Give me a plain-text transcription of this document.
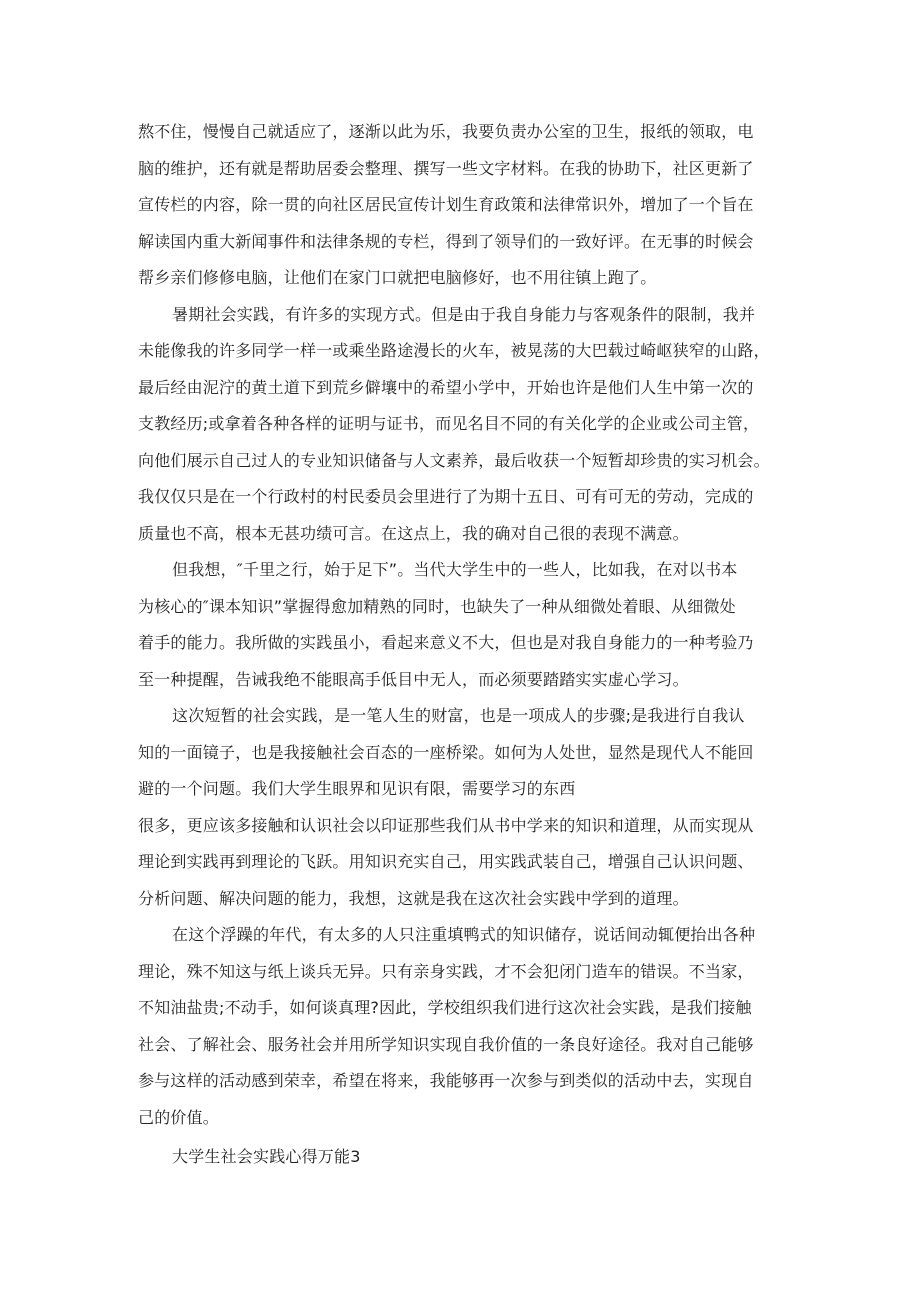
熬不住，慢慢自己就适应了，逐渐以此为乐，我要负责办公室的卫生，报纸的领取，电
脑的维护，还有就是帮助居委会整理、撰写一些文字材料。在我的协助下，社区更新了
宣传栏的内容，除一贯的向社区居民宣传计划生育政策和法律常识外，增加了一个旨在
解读国内重大新闻事件和法律条规的专栏，得到了领导们的一致好评。在无事的时候会
帮乡亲们修修电脑，让他们在家门口就把电脑修好，也不用往镇上跑了。
暑期社会实践，有许多的实现方式。但是由于我自身能力与客观条件的限制，我并
未能像我的许多同学一样一或乘坐路途漫长的火车，被晃荡的大巴载过崎岖狭窄的山路，
最后经由泥泞的黄土道下到荒乡僻壤中的希望小学中，开始也许是他们人生中第一次的
支教经历;或拿着各种各样的证明与证书，而见名目不同的有关化学的企业或公司主管，
向他们展示自己过人的专业知识储备与人文素养，最后收获一个短暂却珍贵的实习机会。
我仅仅只是在一个行政村的村民委员会里进行了为期十五日、可有可无的劳动，完成的
质量也不高，根本无甚功绩可言。在这点上，我的确对自己很的表现不满意。
但我想，″千里之行，始于足下”。当代大学生中的一些人，比如我，在对以书本
为核心的″课本知识”掌握得愈加精熟的同时，也缺失了一种从细微处着眼、从细微处
着手的能力。我所做的实践虽小，看起来意义不大，但也是对我自身能力的一种考验乃
至一种提醒，告诫我绝不能眼高手低目中无人，而必须要踏踏实实虚心学习。
这次短暂的社会实践，是一笔人生的财富，也是一项成人的步骤;是我进行自我认
知的一面镜子，也是我接触社会百态的一座桥梁。如何为人处世，显然是现代人不能回
避的一个问题。我们大学生眼界和见识有限，需要学习的东西
很多，更应该多接触和认识社会以印证那些我们从书中学来的知识和道理，从而实现从
理论到实践再到理论的飞跃。用知识充实自己，用实践武装自己，增强自己认识问题、
分析问题、解决问题的能力，我想，这就是我在这次社会实践中学到的道理。
在这个浮躁的年代，有太多的人只注重填鸭式的知识储存，说话间动辄便抬出各种
理论，殊不知这与纸上谈兵无异。只有亲身实践，才不会犯闭门造车的错误。不当家，
不知油盐贵;不动手，如何谈真理?因此，学校组织我们进行这次社会实践，是我们接触
社会、了解社会、服务社会并用所学知识实现自我价值的一条良好途径。我对自己能够
参与这样的活动感到荣幸，希望在将来，我能够再一次参与到类似的活动中去，实现自
己的价值。
大学生社会实践心得万能3
